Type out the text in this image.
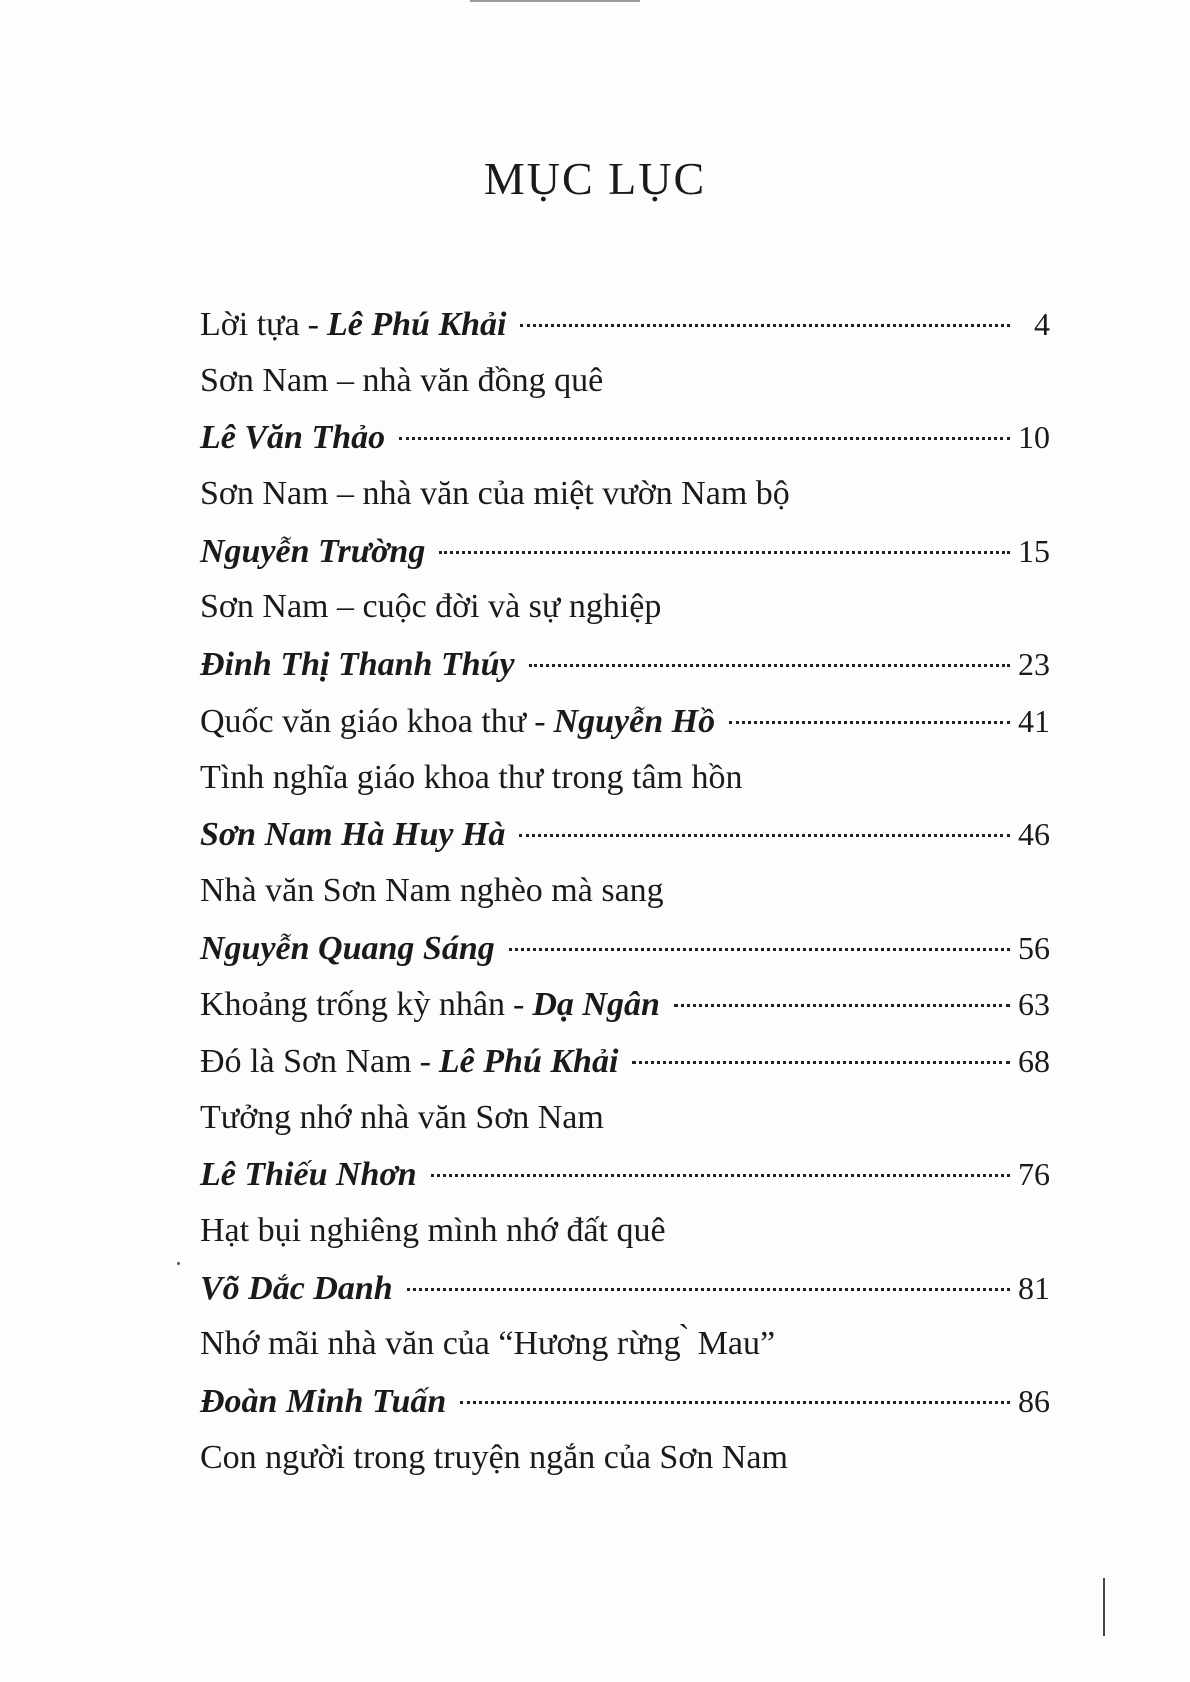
MỤC LỤC
Lời tựa - Lê Phú Khải	4
Sơn Nam – nhà văn đồng quê
Lê Văn Thảo	10
Sơn Nam – nhà văn của miệt vườn Nam bộ
Nguyễn Trường	15
Sơn Nam – cuộc đời và sự nghiệp
Đinh Thị Thanh Thúy	23
Quốc văn giáo khoa thư - Nguyễn Hồ	41
Tình nghĩa giáo khoa thư trong tâm hồn
Sơn Nam Hà Huy Hà	46
Nhà văn Sơn Nam nghèo mà sang
Nguyễn Quang Sáng	56
Khoảng trống kỳ nhân - Dạ Ngân	63
Đó là Sơn Nam - Lê Phú Khải	68
Tưởng nhớ nhà văn Sơn Nam
Lê Thiếu Nhơn	76
Hạt bụi nghiêng mình nhớ đất quê
Võ Dắc Danh	81
Nhớ mãi nhà văn của “Hương rừng ̀ Mau”
Đoàn Minh Tuấn	86
Con người trong truyện ngắn của Sơn Nam
